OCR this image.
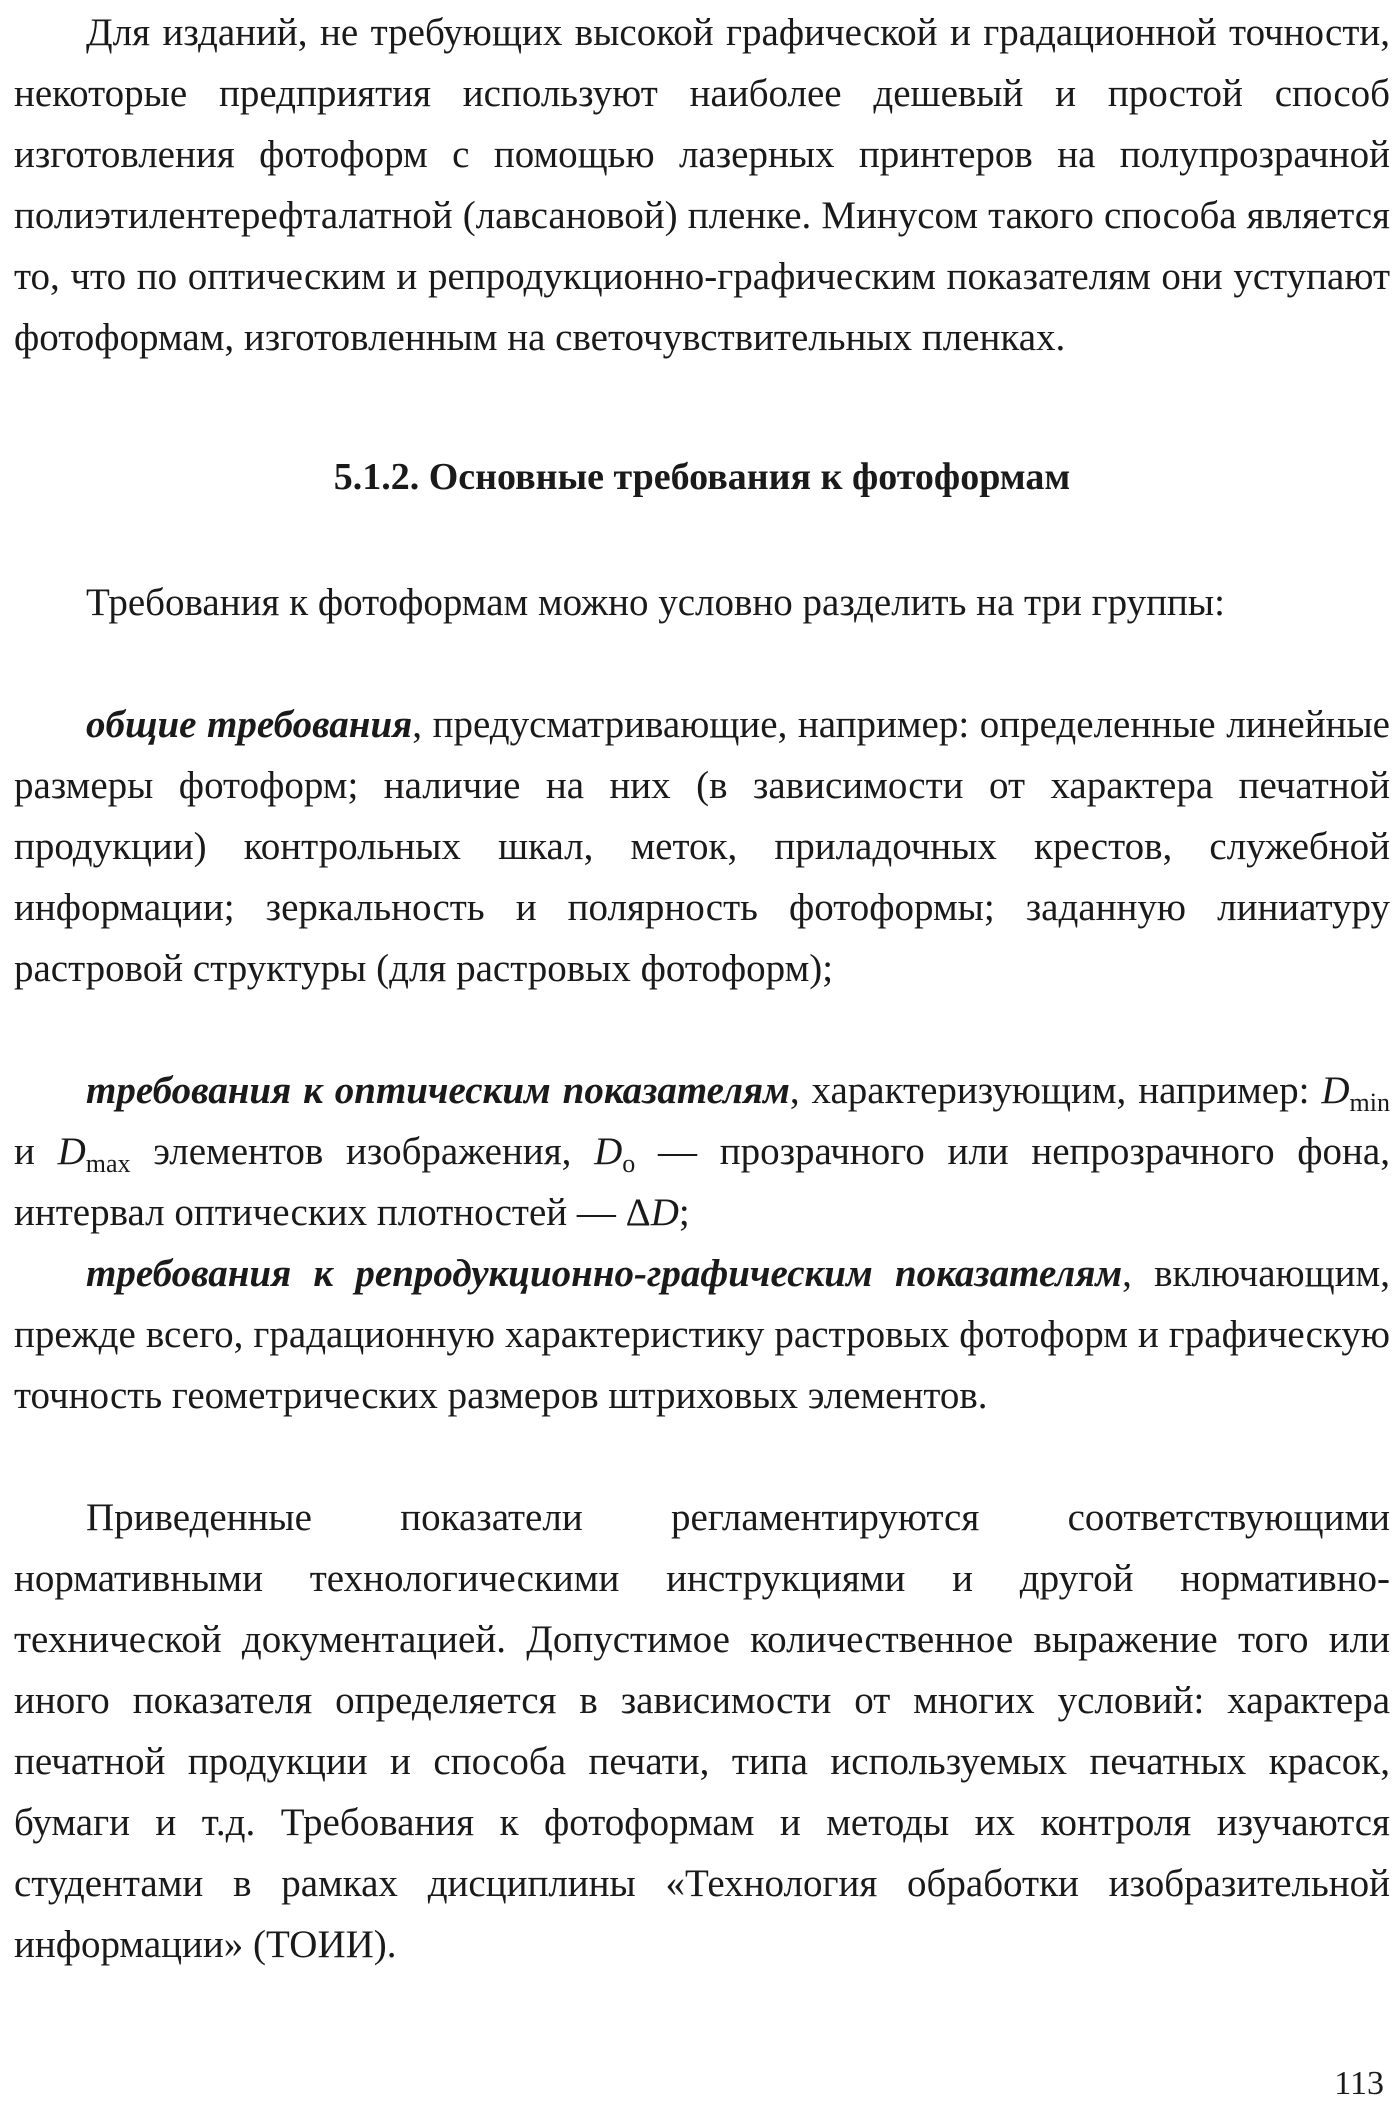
Для изданий, не требующих высокой графической и градационной точности, некоторые предприятия используют наиболее дешевый и простой способ изготовления фотоформ с помощью лазерных принтеров на полупрозрачной полиэтилентерефталатной (лавсановой) пленке. Минусом такого способа является то, что по оптическим и репродукционно-графическим показателям они уступают фотоформам, изготовленным на светочувствительных пленках.

5.1.2. Основные требования к фотоформам

Требования к фотоформам можно условно разделить на три группы:

общие требования, предусматривающие, например: определенные линейные размеры фотоформ; наличие на них (в зависимости от характера печатной продукции) контрольных шкал, меток, приладочных крестов, служебной информации; зеркальность и полярность фотоформы; заданную линиатуру растровой структуры (для растровых фотоформ);

требования к оптическим показателям, характеризующим, например: $D_{min}$ и $D_{max}$ элементов изображения, $D_o$ — прозрачного или непрозрачного фона, интервал оптических плотностей — ΔD;

требования к репродукционно-графическим показателям, включающим, прежде всего, градационную характеристику растровых фотоформ и графическую точность геометрических размеров штриховых элементов.

Приведенные показатели регламентируются соответствующими нормативными технологическими инструкциями и другой нормативно-технической документацией. Допустимое количественное выражение того или иного показателя определяется в зависимости от многих условий: характера печатной продукции и способа печати, типа используемых печатных красок, бумаги и т.д. Требования к фотоформам и методы их контроля изучаются студентами в рамках дисциплины «Технология обработки изобразительной информации» (ТОИИ).

113
